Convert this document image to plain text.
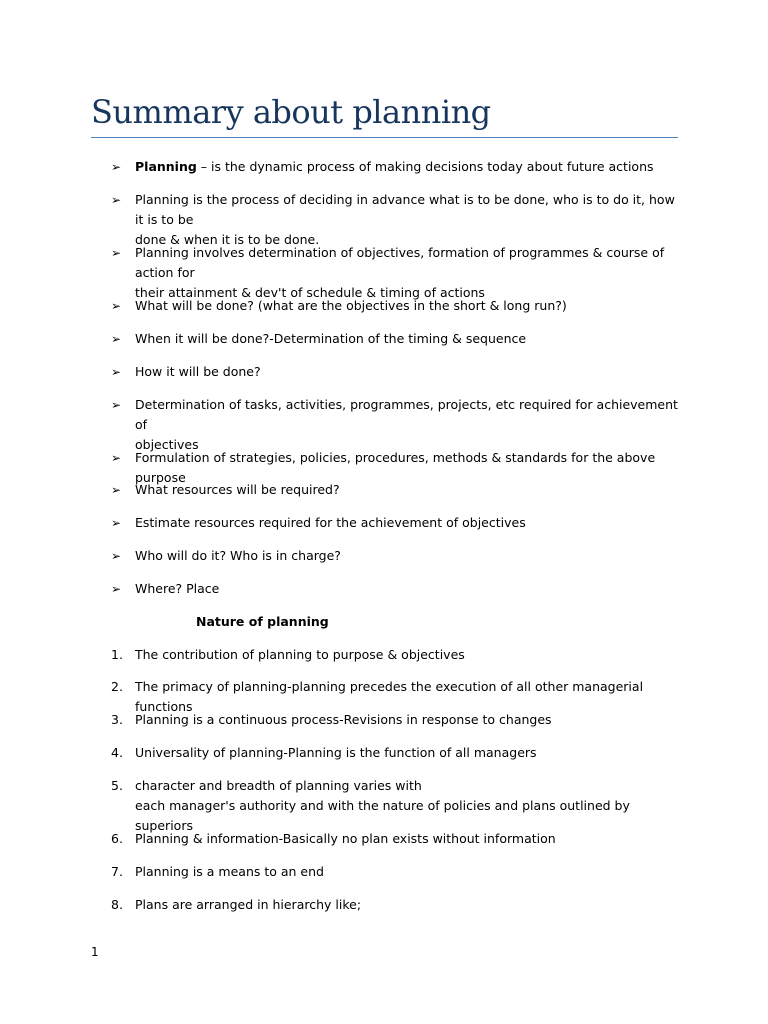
Summary about planning

➢ Planning – is the dynamic process of making decisions today about future actions

➢ Planning is the process of deciding in advance what is to be done, who is to do it, how it is to be
done & when it is to be done.

➢ Planning involves determination of objectives, formation of programmes & course of action for
their attainment & dev't of schedule & timing of actions

➢ What will be done? (what are the objectives in the short & long run?)

➢ When it will be done?-Determination of the timing & sequence

➢ How it will be done?

➢ Determination of tasks, activities, programmes, projects, etc required for achievement of
objectives

➢ Formulation of strategies, policies, procedures, methods & standards for the above purpose

➢ What resources will be required?

➢ Estimate resources required for the achievement of objectives

➢ Who will do it? Who is in charge?

➢ Where? Place

Nature of planning

1. The contribution of planning to purpose & objectives

2. The primacy of planning-planning precedes the execution of all other managerial functions

3. Planning is a continuous process-Revisions in response to changes

4. Universality of planning-Planning is the function of all managers

5. character and breadth of planning varies with
each manager's authority and with the nature of policies and plans outlined by superiors

6. Planning & information-Basically no plan exists without information

7. Planning is a means to an end

8. Plans are arranged in hierarchy like;

1
